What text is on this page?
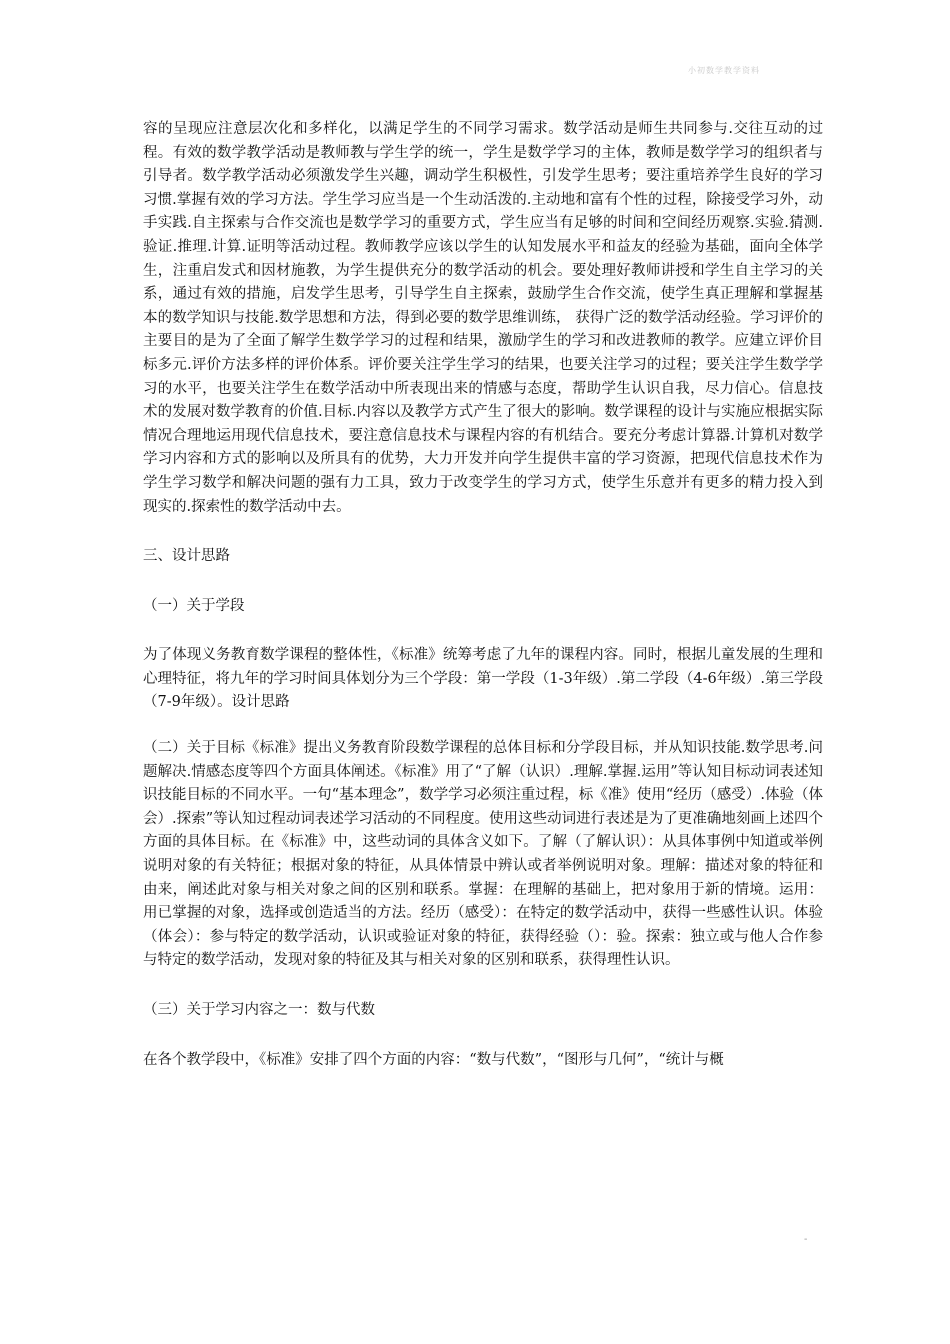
小初数学教学资料

容的呈现应注意层次化和多样化，以满足学生的不同学习需求。数学活动是师生共同参与.交往互动的过程。有效的数学教学活动是教师教与学生学的统一，学生是数学学习的主体，教师是数学学习的组织者与引导者。数学教学活动必须激发学生兴趣，调动学生积极性，引发学生思考；要注重培养学生良好的学习习惯.掌握有效的学习方法。学生学习应当是一个生动活泼的.主动地和富有个性的过程，除接受学习外，动手实践.自主探索与合作交流也是数学学习的重要方式，学生应当有足够的时间和空间经历观察.实验.猜测.验证.推理.计算.证明等活动过程。教师教学应该以学生的认知发展水平和益友的经验为基础，面向全体学生，注重启发式和因材施教，为学生提供充分的数学活动的机会。要处理好教师讲授和学生自主学习的关系，通过有效的措施，启发学生思考，引导学生自主探索，鼓励学生合作交流，使学生真正理解和掌握基本的数学知识与技能.数学思想和方法，得到必要的数学思维训练， 获得广泛的数学活动经验。学习评价的主要目的是为了全面了解学生数学学习的过程和结果，激励学生的学习和改进教师的教学。应建立评价目标多元.评价方法多样的评价体系。评价要关注学生学习的结果，也要关注学习的过程；要关注学生数学学习的水平，也要关注学生在数学活动中所表现出来的情感与态度，帮助学生认识自我，尽力信心。信息技术的发展对数学教育的价值.目标.内容以及教学方式产生了很大的影响。数学课程的设计与实施应根据实际情况合理地运用现代信息技术，要注意信息技术与课程内容的有机结合。要充分考虑计算器.计算机对数学学习内容和方式的影响以及所具有的优势，大力开发并向学生提供丰富的学习资源，把现代信息技术作为学生学习数学和解决问题的强有力工具，致力于改变学生的学习方式，使学生乐意并有更多的精力投入到现实的.探索性的数学活动中去。

三、设计思路

（一）关于学段

为了体现义务教育数学课程的整体性，《标准》统筹考虑了九年的课程内容。同时，根据儿童发展的生理和心理特征，将九年的学习时间具体划分为三个学段：第一学段（1-3年级）.第二学段（4-6年级）.第三学段（7-9年级）。设计思路

（二）关于目标《标准》提出义务教育阶段数学课程的总体目标和分学段目标，并从知识技能.数学思考.问题解决.情感态度等四个方面具体阐述。《标准》用了“了解（认识）.理解.掌握.运用”等认知目标动词表述知识技能目标的不同水平。一句“基本理念”，数学学习必须注重过程，标《准》使用“经历（感受）.体验（体会）.探索”等认知过程动词表述学习活动的不同程度。使用这些动词进行表述是为了更准确地刻画上述四个方面的具体目标。在《标准》中，这些动词的具体含义如下。了解（了解认识）：从具体事例中知道或举例说明对象的有关特征；根据对象的特征，从具体情景中辨认或者举例说明对象。理解：描述对象的特征和由来，阐述此对象与相关对象之间的区别和联系。掌握：在理解的基础上，把对象用于新的情境。运用：用已掌握的对象，选择或创造适当的方法。经历（感受）：在特定的数学活动中，获得一些感性认识。体验（体会）：参与特定的数学活动，认识或验证对象的特征，获得经验（）：验。探索：独立或与他人合作参与特定的数学活动，发现对象的特征及其与相关对象的区别和联系，获得理性认识。

（三）关于学习内容之一：数与代数

在各个教学段中，《标准》安排了四个方面的内容：“数与代数”，“图形与几何”，“统计与概

-
